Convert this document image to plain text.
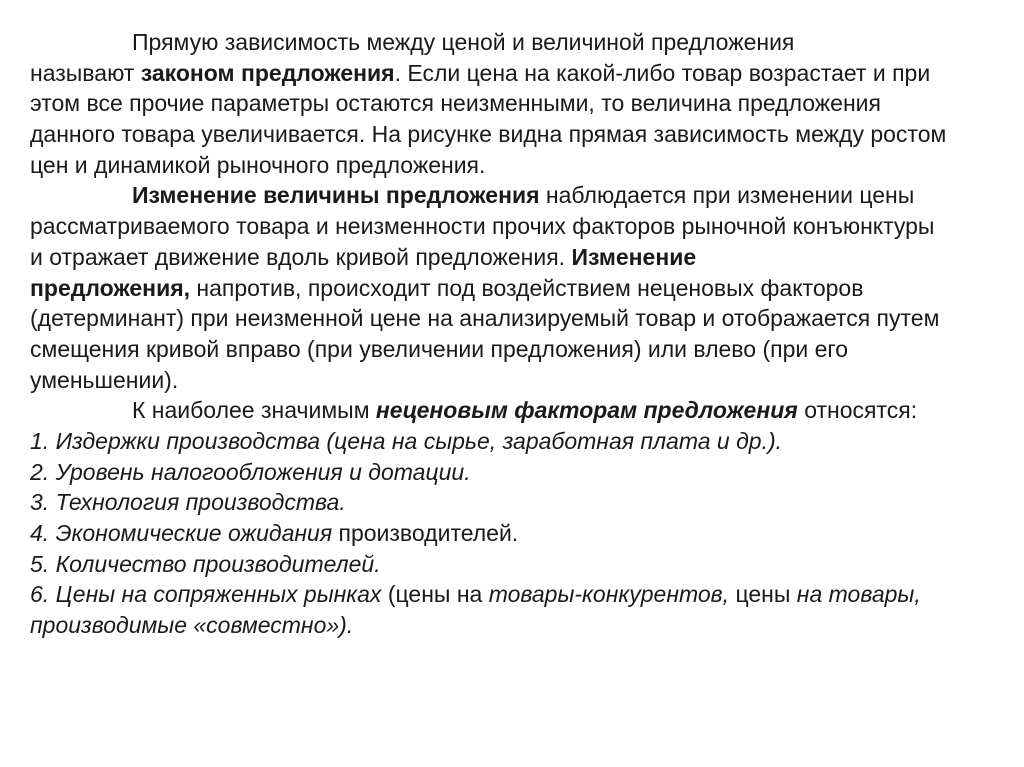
Прямую зависимость между ценой и величиной предложения
называют законом предложения. Если цена на какой-либо товар возрастает и при
этом все прочие параметры остаются неизменными, то величина предложения
данного товара увеличивается. На рисунке видна прямая зависимость между ростом
цен и динамикой рыночного предложения.
Изменение величины предложения наблюдается при изменении цены
рассматриваемого товара и неизменности прочих факторов рыночной конъюнктуры
и отражает движение вдоль кривой предложения. Изменение
предложения, напротив, происходит под воздействием неценовых факторов
(детерминант) при неизменной цене на анализируемый товар и отображается путем
смещения кривой вправо (при увеличении предложения) или влево (при его
уменьшении).
К наиболее значимым неценовым факторам предложения относятся:
1. Издержки производства (цена на сырье, заработная плата и др.).
2. Уровень налогообложения и дотации.
3. Технология производства.
4. Экономические ожидания производителей.
5. Количество производителей.
6. Цены на сопряженных рынках (цены на товары-конкурентов, цены на товары,
производимые «совместно»).
